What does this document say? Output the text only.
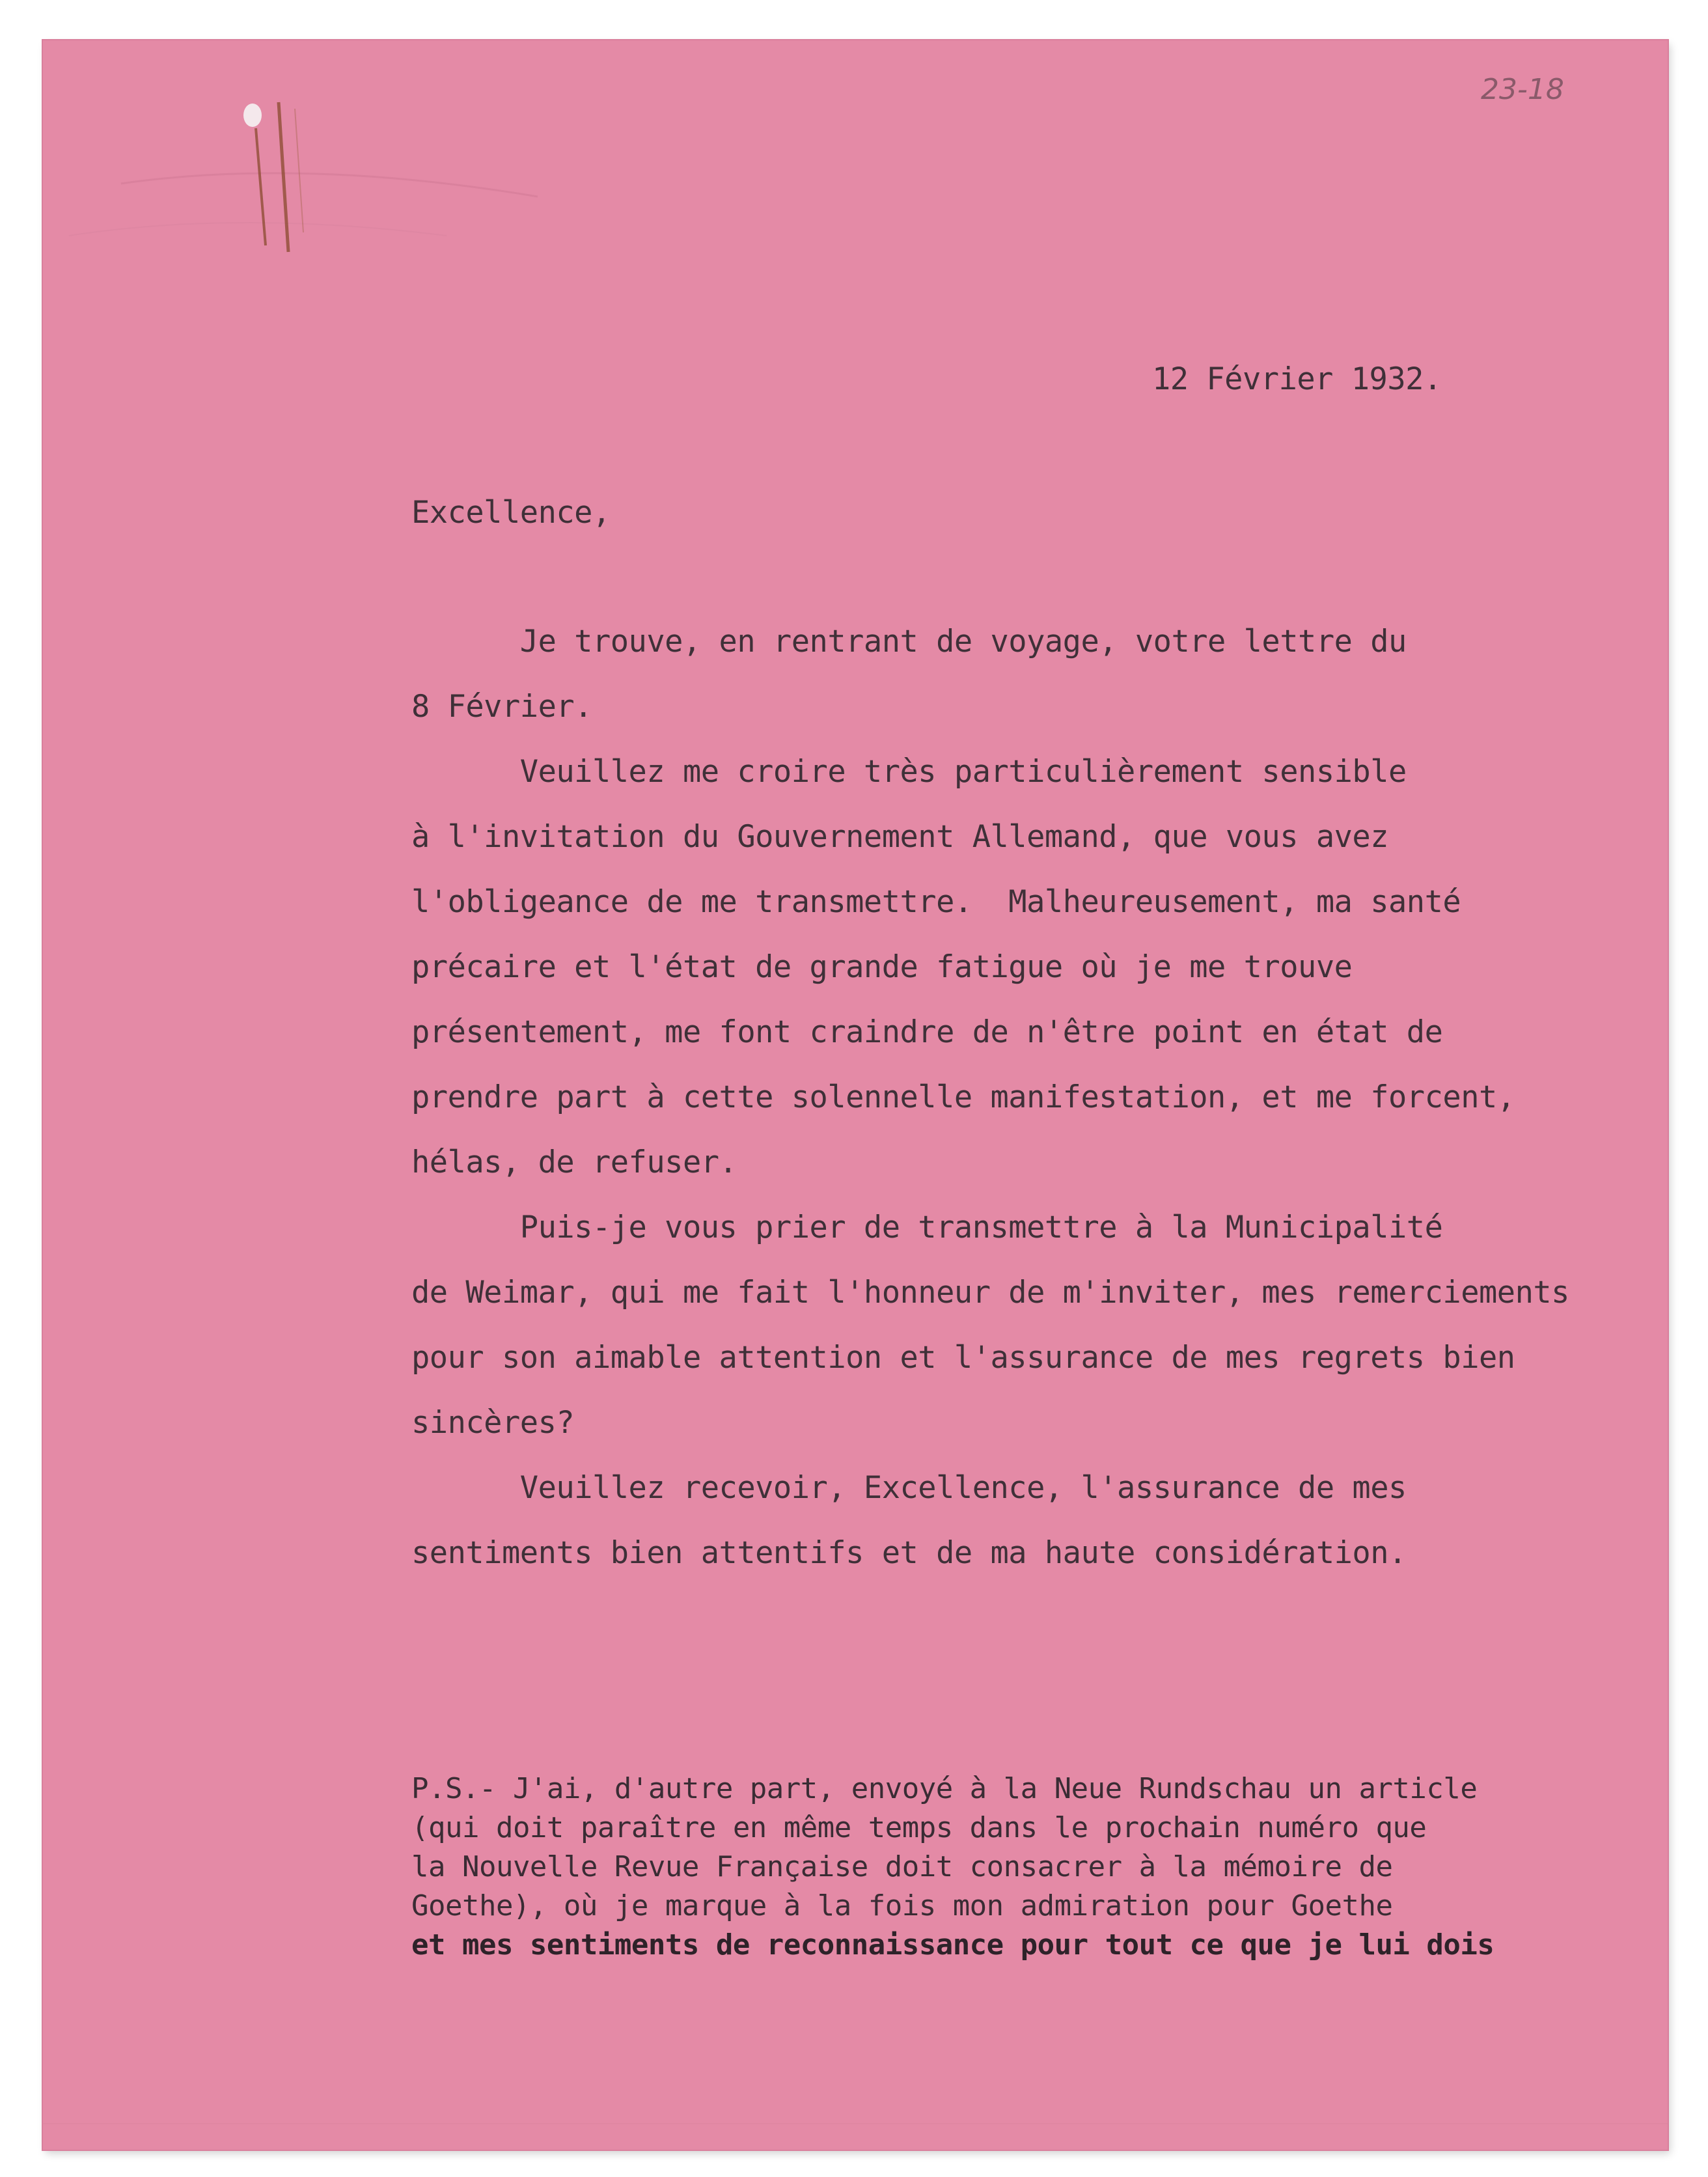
23-18
12 Février 1932.
Excellence,
Je trouve, en rentrant de voyage, votre lettre du
8 Février.
Veuillez me croire très particulièrement sensible
à l'invitation du Gouvernement Allemand, que vous avez
l'obligeance de me transmettre.  Malheureusement, ma santé
précaire et l'état de grande fatigue où je me trouve
présentement, me font craindre de n'être point en état de
prendre part à cette solennelle manifestation, et me forcent,
hélas, de refuser.
Puis-je vous prier de transmettre à la Municipalité
de Weimar, qui me fait l'honneur de m'inviter, mes remerciements
pour son aimable attention et l'assurance de mes regrets bien
sincères?
Veuillez recevoir, Excellence, l'assurance de mes
sentiments bien attentifs et de ma haute considération.
P.S.- J'ai, d'autre part, envoyé à la Neue Rundschau un article
(qui doit paraître en même temps dans le prochain numéro que
la Nouvelle Revue Française doit consacrer à la mémoire de
Goethe), où je marque à la fois mon admiration pour Goethe
et mes sentiments de reconnaissance pour tout ce que je lui dois
